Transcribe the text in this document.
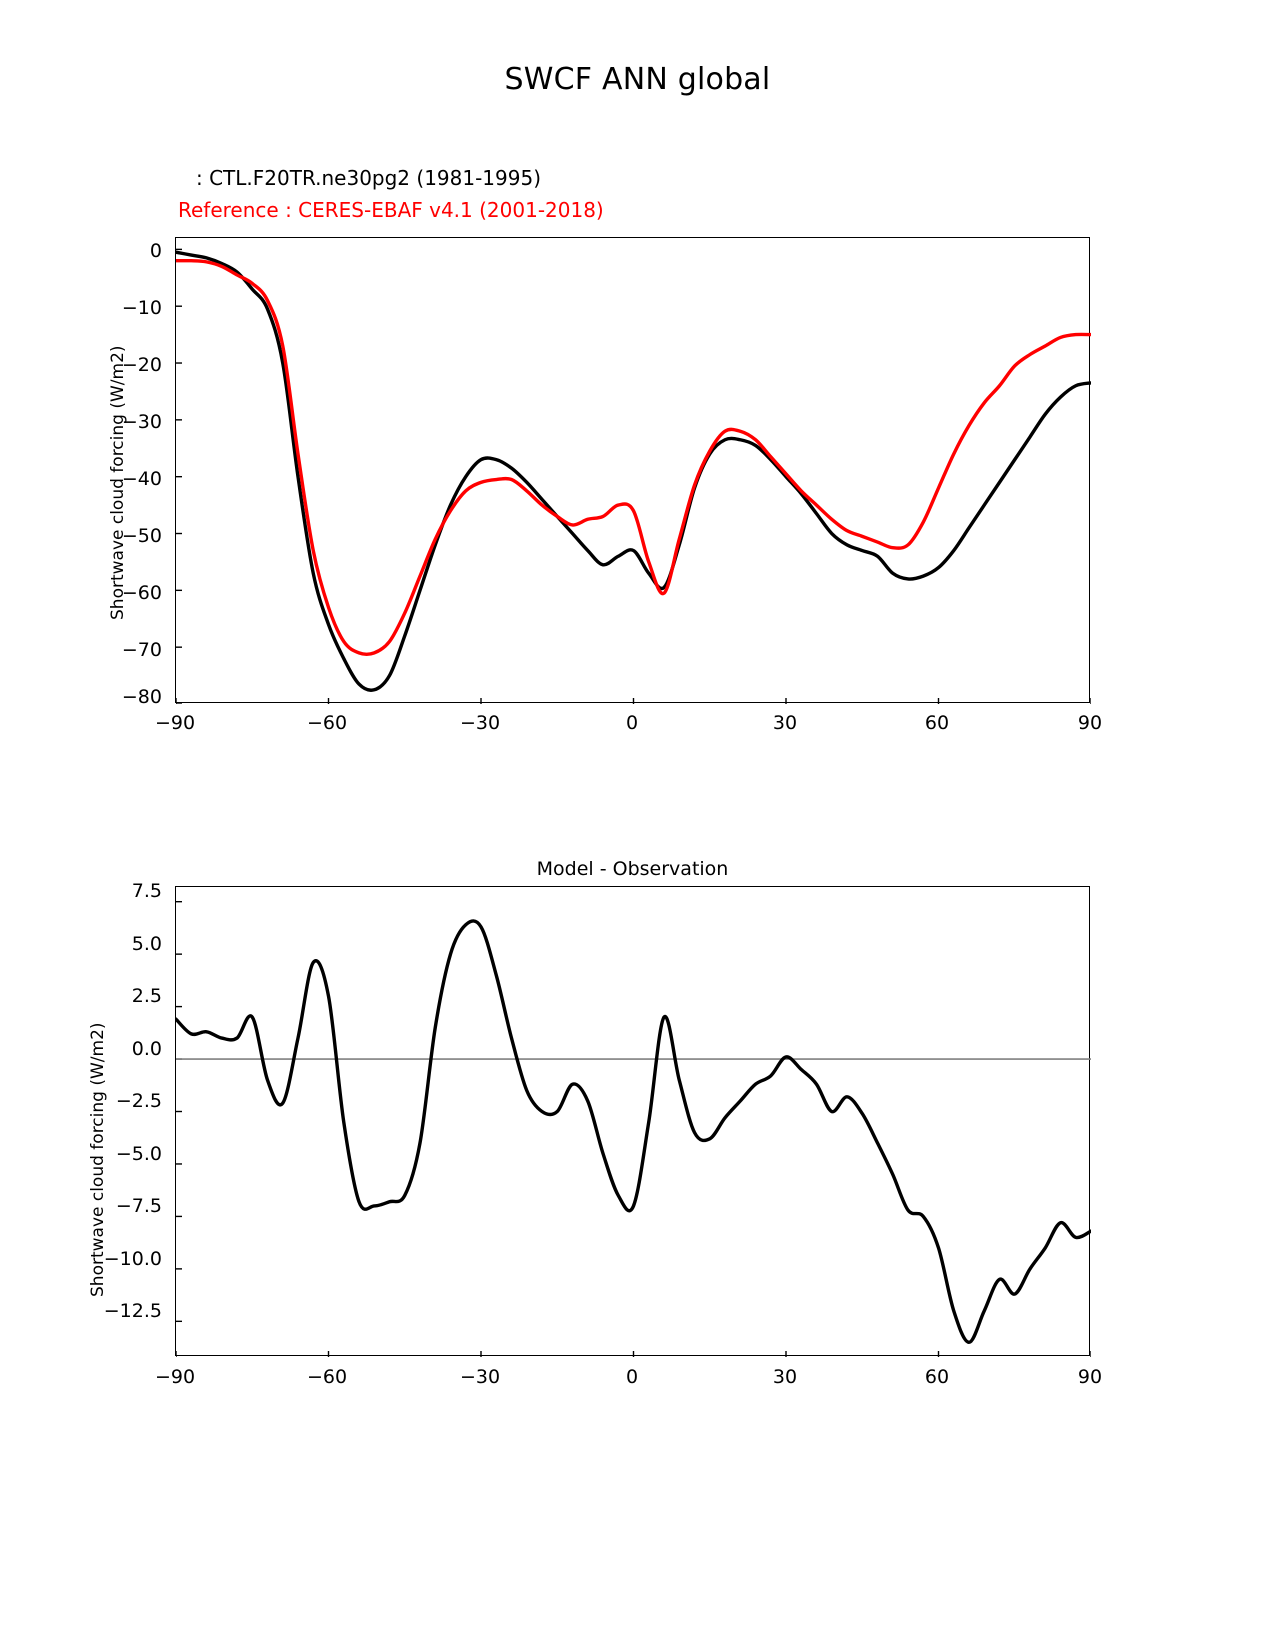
SWCF ANN global
: CTL.F20TR.ne30pg2 (1981-1995)
Reference : CERES-EBAF v4.1 (2001-2018)
Shortwave cloud forcing (W/m2)
0
−10
−20
−30
−40
−50
−60
−70
−80
−90	−60	−30	0	30	60	90
Shortwave cloud forcing (W/m2)
Model - Observation
7.5
5.0
2.5
0.0
−2.5
−5.0
−7.5
−10.0
−12.5
−90	−60	−30	0	30	60	90
